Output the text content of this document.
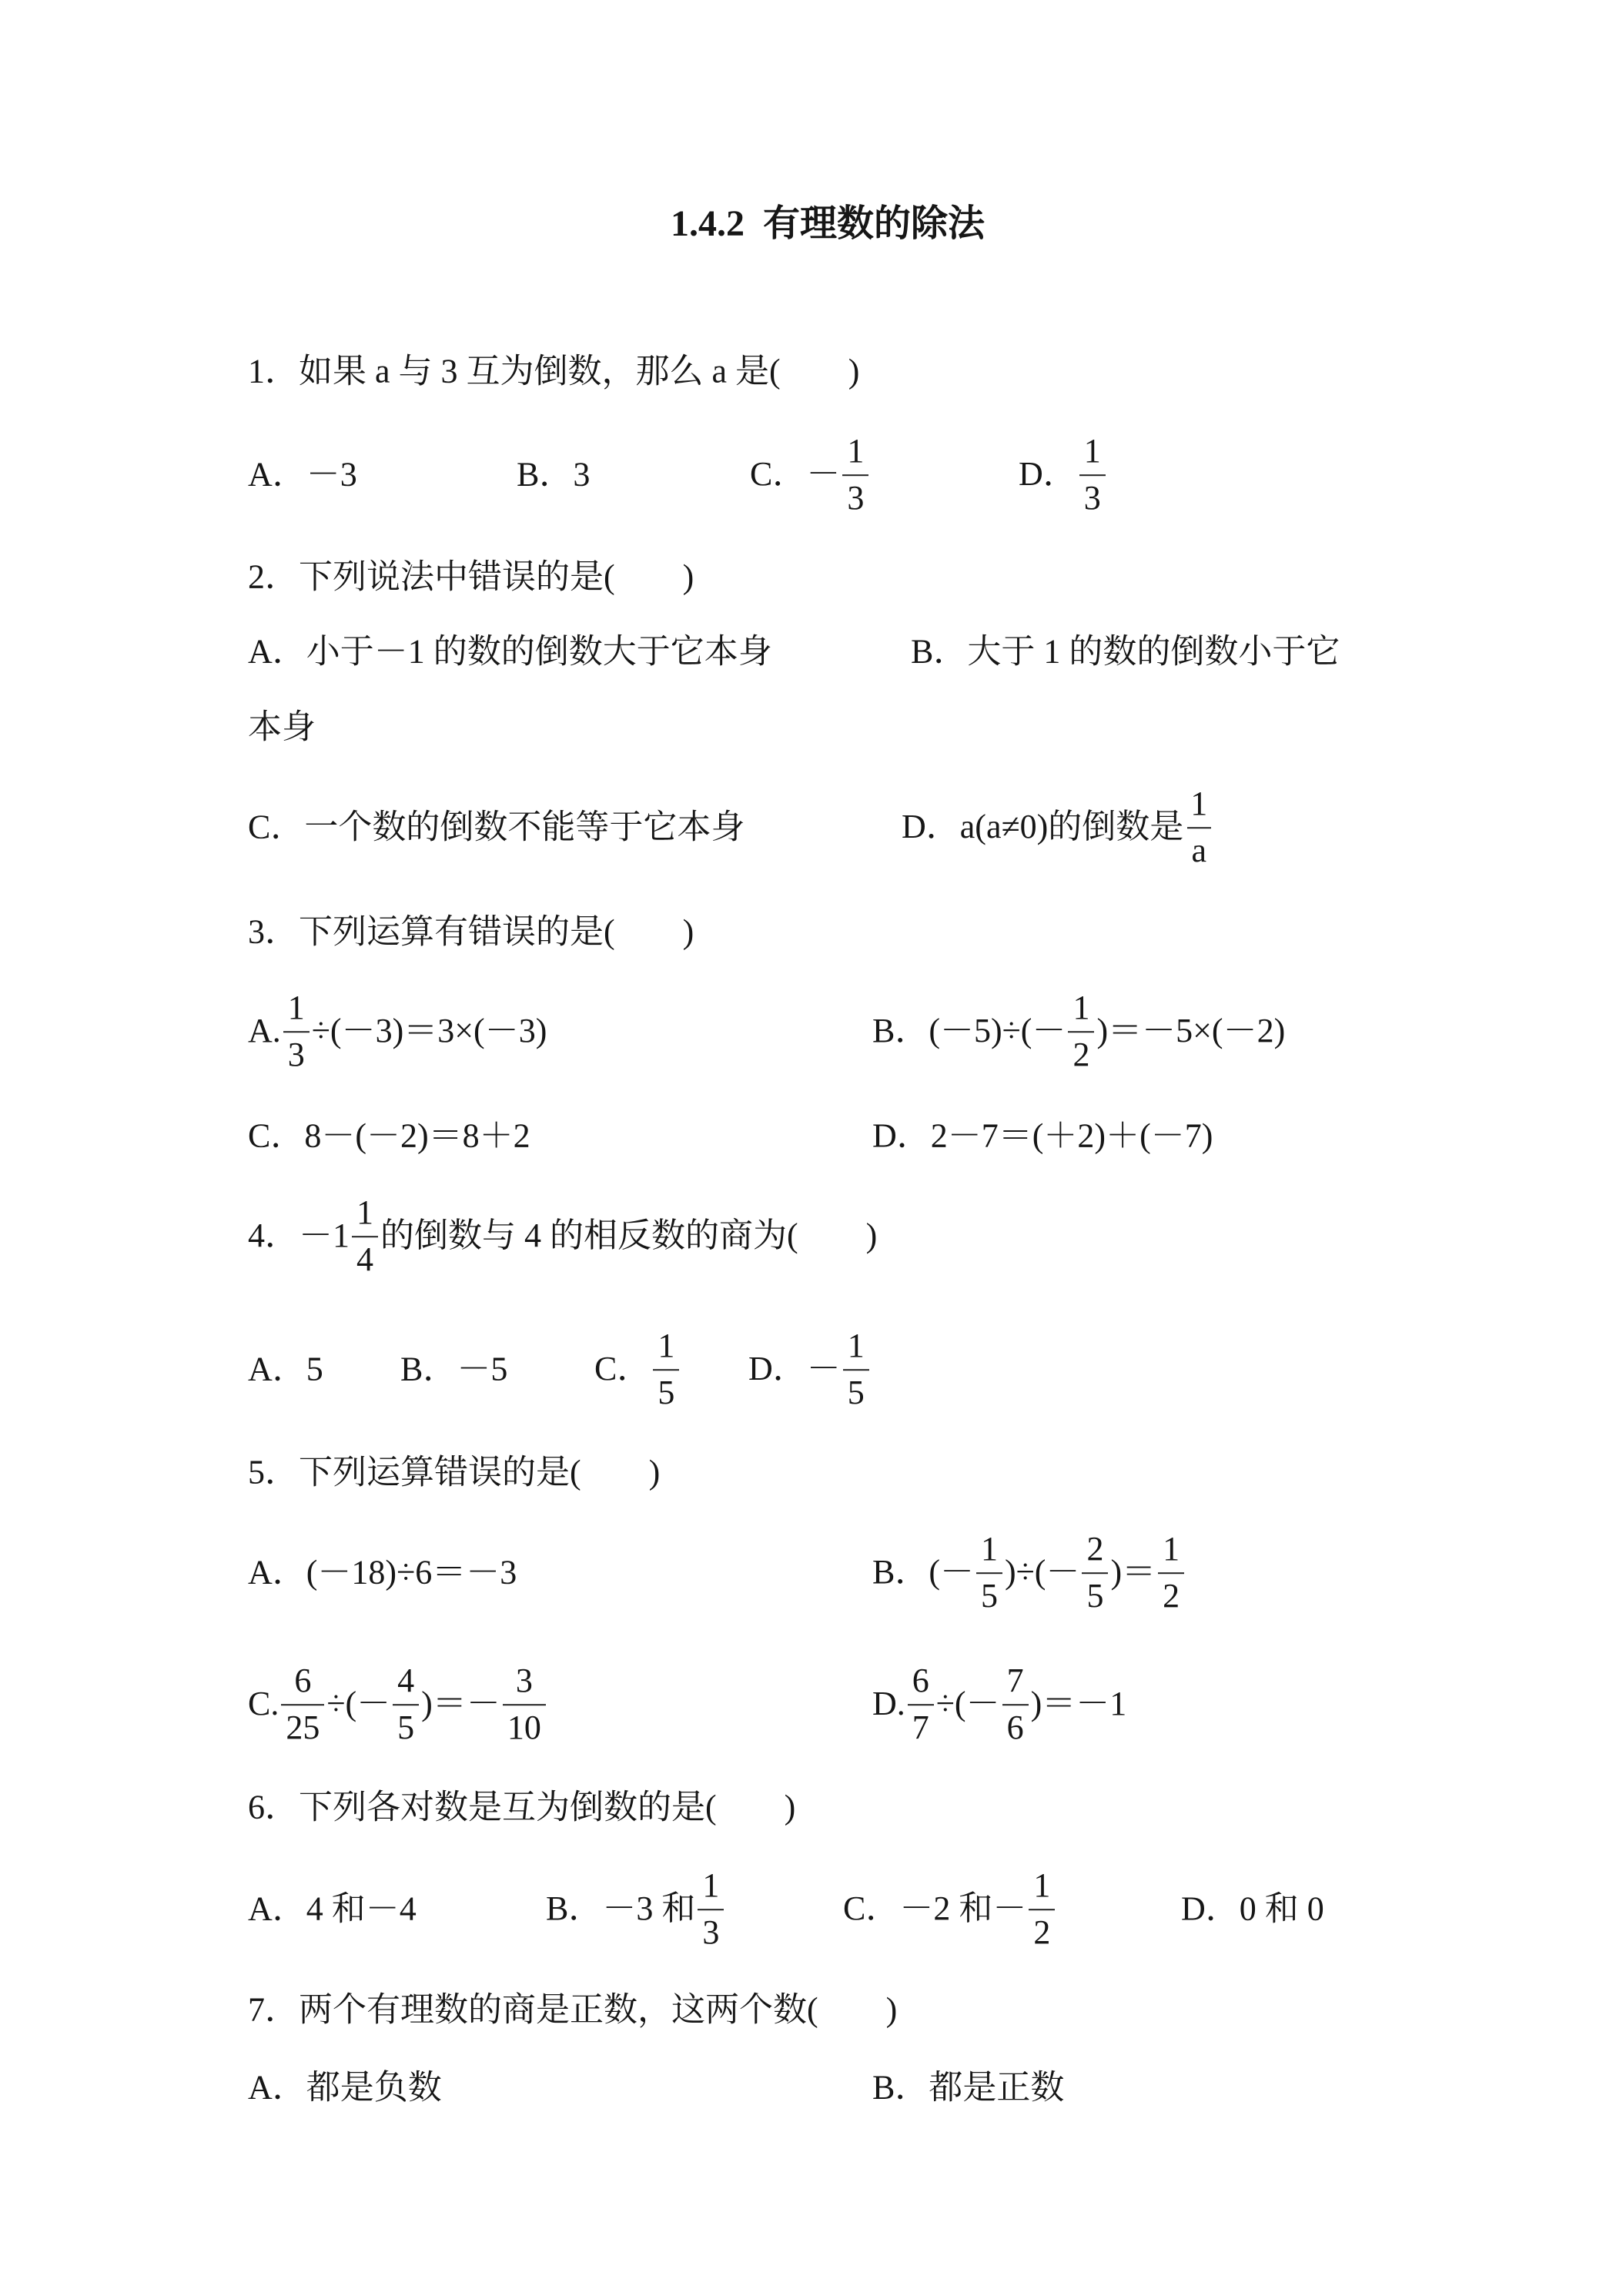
1.4.2  有理数的除法
1．如果 a 与 3 互为倒数，那么 a 是(　　)
A．－3	B．3	C．－ $\frac{1}{3}$	D． $\frac{1}{3}$
2．下列说法中错误的是(　　)
A．小于－1 的数的倒数大于它本身	B．大于 1 的数的倒数小于它
本身
C．一个数的倒数不能等于它本身	D．a(a≠0)的倒数是 $\frac{1}{a}$
3．下列运算有错误的是(　　)
A. $\frac{1}{3} \div(-3)=3\times(-3)$	B．$(-5)\div(- \frac{1}{2} )=-5\times(-2)$
C．8－(－2)＝8＋2	D．2－7＝(＋2)＋(－7)
4．$-1 \frac{1}{4}$ 的倒数与 4 的相反数的商为(　　)
A．5 B．－5	C． $\frac{1}{5}$ D．－ $\frac{1}{5}$
5．下列运算错误的是(　　)
A．(－18)÷6＝－3	B．(－ $\frac{1}{5}$ )÷(－ $\frac{2}{5}$ )＝ $\frac{1}{2}$
C. $\frac{6}{25}$ ÷(－ $\frac{4}{5}$ )＝－ $\frac{3}{10}$	D. $\frac{6}{7}$ ÷(－ $\frac{7}{6} )=-1$
6．下列各对数是互为倒数的是(　　)
A．4 和－4	B．－3 和 $\frac{1}{3}$	C．－2 和－ $\frac{1}{2}$	D．0 和 0
7．两个有理数的商是正数，这两个数(　　)
A．都是负数	B．都是正数
